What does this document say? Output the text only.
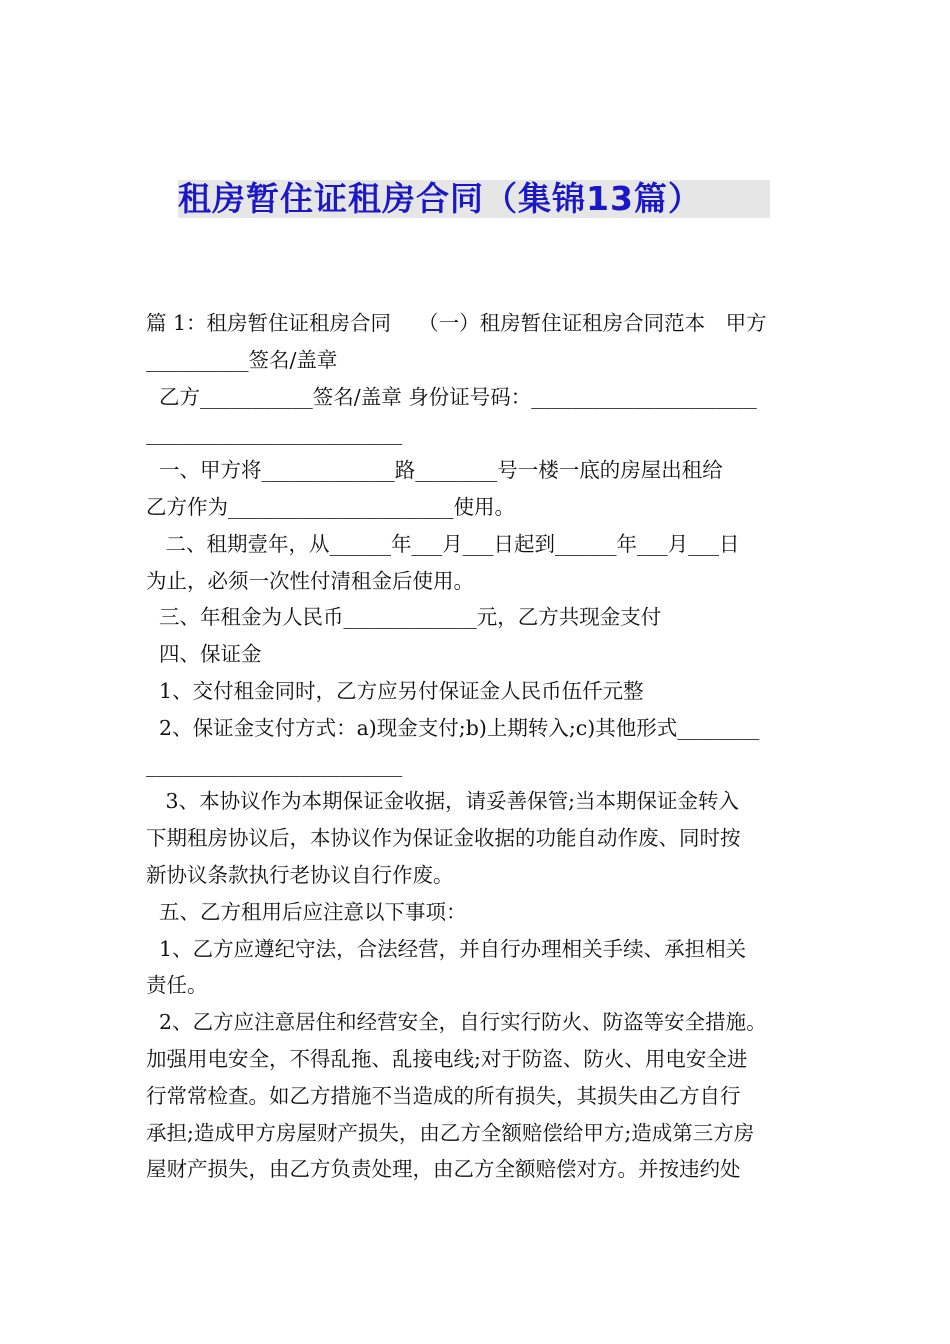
租房暂住证租房合同（集锦13篇）
篇 1：租房暂住证租房合同　 （一）租房暂住证租房合同范本　甲方
__________签名/盖章
乙方___________签名/盖章 身份证号码：______________________
_________________________
一、甲方将_____________路________号一楼一底的房屋出租给
乙方作为______________________使用。
二、租期壹年，从______年___月___日起到______年___月___日
为止，必须一次性付清租金后使用。
三、年租金为人民币_____________元，乙方共现金支付
四、保证金
1、交付租金同时，乙方应另付保证金人民币伍仟元整
2、保证金支付方式：a)现金支付;b)上期转入;c)其他形式________
_________________________
3、本协议作为本期保证金收据，请妥善保管;当本期保证金转入
下期租房协议后，本协议作为保证金收据的功能自动作废、同时按
新协议条款执行老协议自行作废。
五、乙方租用后应注意以下事项：
1、乙方应遵纪守法，合法经营，并自行办理相关手续、承担相关
责任。
2、乙方应注意居住和经营安全，自行实行防火、防盗等安全措施。
加强用电安全，不得乱拖、乱接电线;对于防盗、防火、用电安全进
行常常检查。如乙方措施不当造成的所有损失，其损失由乙方自行
承担;造成甲方房屋财产损失，由乙方全额赔偿给甲方;造成第三方房
屋财产损失，由乙方负责处理，由乙方全额赔偿对方。并按违约处
